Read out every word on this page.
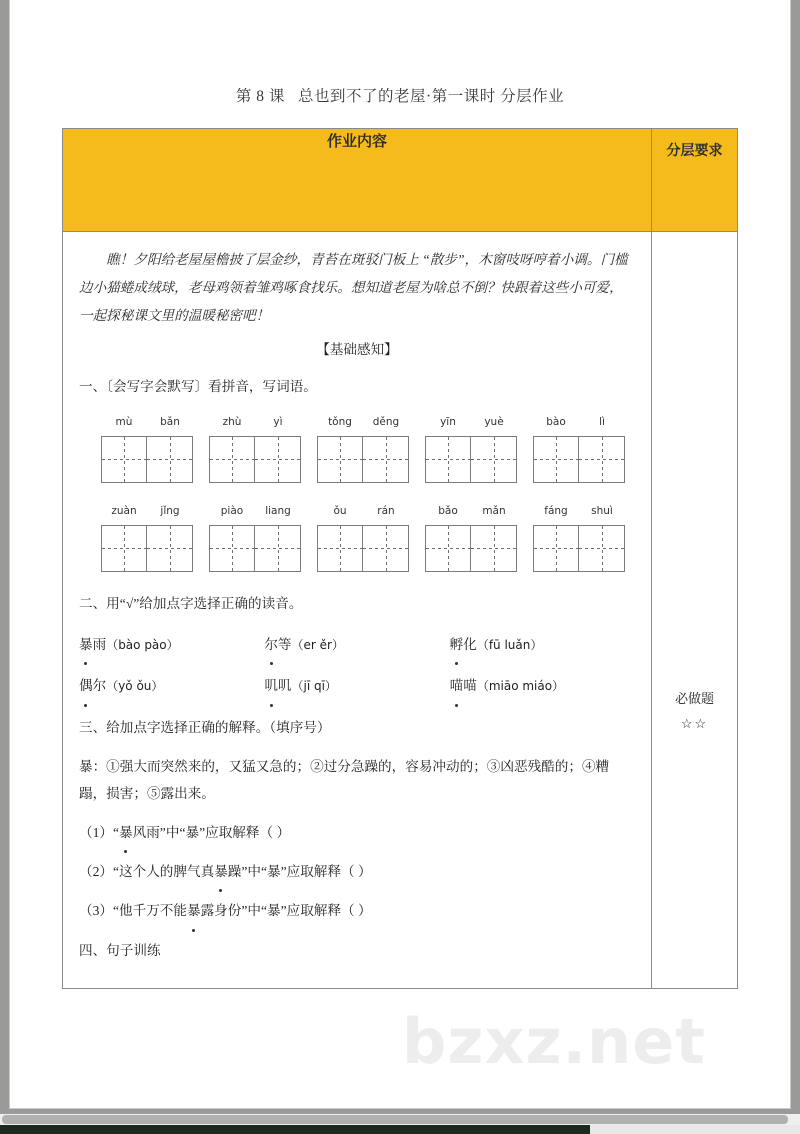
bzxz.net
第 8 课 总也到不了的老屋·第一课时 分层作业
作业内容	分层要求

瞧！夕阳给老屋屋檐披了层金纱，青苔在斑驳门板上 “散步”，木窗吱呀哼着小调。门槛边小猫蜷成绒球，老母鸡领着雏鸡啄食找乐。想知道老屋为啥总不倒？快跟着这些小可爱，一起探秘课文里的温暖秘密吧！

【基础感知】
一、〔会写字会默写〕看拼音，写词语。
mù	bǎn	zhù	yì	tǒng	děng	yīn	yuè	bào	lì
zuàn	jǐng	piào	liang	ǒu	rán	bǎo	mǎn	fáng	shuì
二、用“√”给加点字选择正确的读音。
暴雨（bào pào）	尔等（er ěr）	孵化（fū luǎn）
偶尔（yǒ ǒu）	叽叽（jī qī）	喵喵（miāo miáo）
三、给加点字选择正确的解释。（填序号）
暴：①强大而突然来的，又猛又急的；②过分急躁的，容易冲动的；③凶恶残酷的；④糟蹋，损害；⑤露出来。
（1）“暴风雨”中“暴”应取解释（ ）
（2）“这个人的脾气真暴躁”中“暴”应取解释（ ）
（3）“他千万不能暴露身份”中“暴”应取解释（ ）
四、句子训练

必做题
☆☆
